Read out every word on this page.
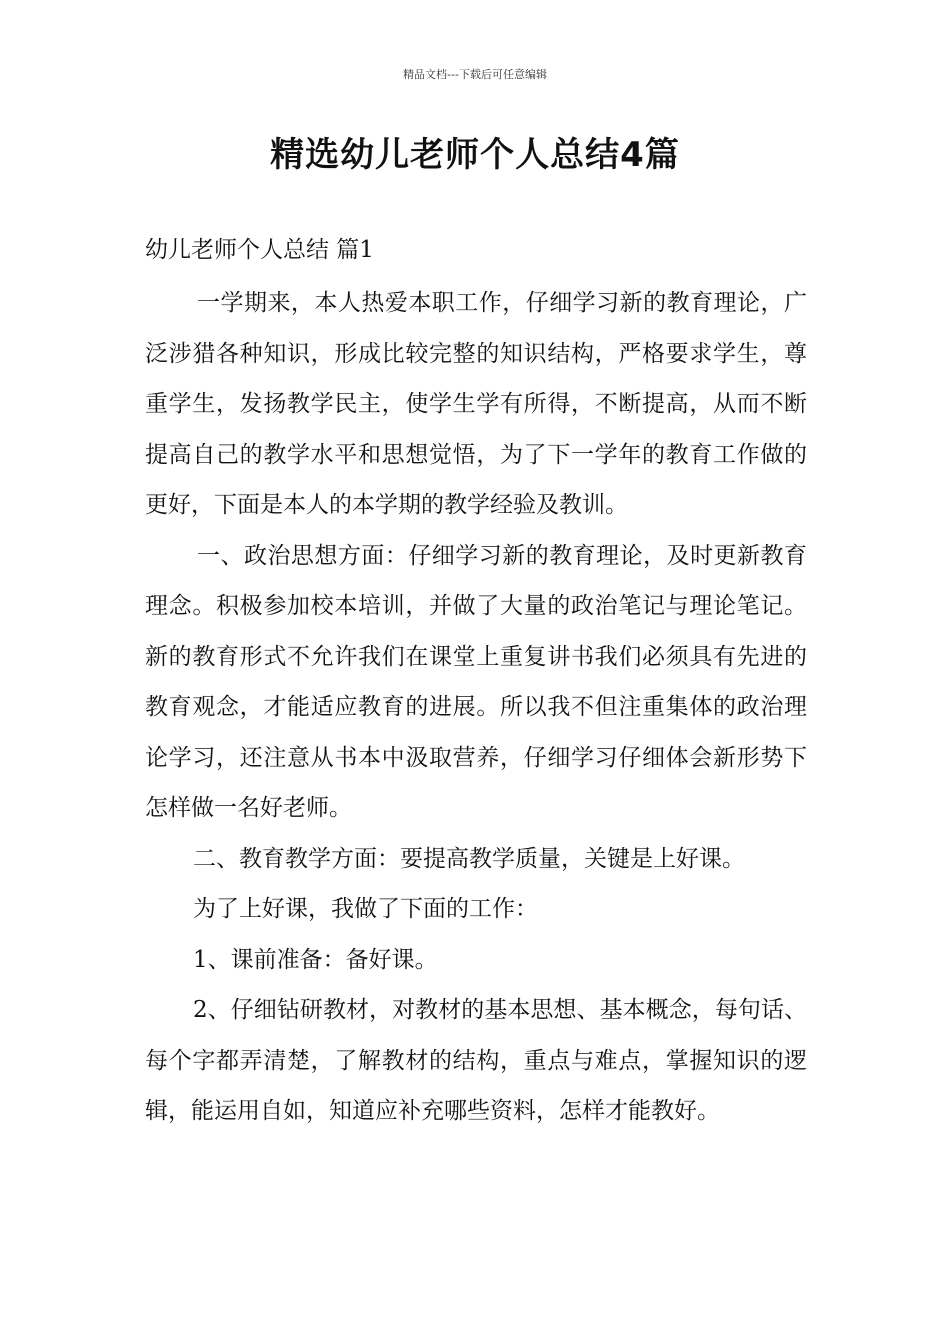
精品文档---下载后可任意编辑
精选幼儿老师个人总结4篇
幼儿老师个人总结 篇1

一学期来，本人热爱本职工作，仔细学习新的教育理论，广泛涉猎各种知识，形成比较完整的知识结构，严格要求学生，尊重学生，发扬教学民主，使学生学有所得，不断提高，从而不断提高自己的教学水平和思想觉悟，为了下一学年的教育工作做的更好，下面是本人的本学期的教学经验及教训。

一、政治思想方面：仔细学习新的教育理论，及时更新教育理念。积极参加校本培训，并做了大量的政治笔记与理论笔记。新的教育形式不允许我们在课堂上重复讲书我们必须具有先进的教育观念，才能适应教育的进展。所以我不但注重集体的政治理论学习，还注意从书本中汲取营养，仔细学习仔细体会新形势下怎样做一名好老师。

二、教育教学方面：要提高教学质量，关键是上好课。

为了上好课，我做了下面的工作：

1、课前准备：备好课。

2、仔细钻研教材，对教材的基本思想、基本概念，每句话、每个字都弄清楚，了解教材的结构，重点与难点，掌握知识的逻辑，能运用自如，知道应补充哪些资料，怎样才能教好。
